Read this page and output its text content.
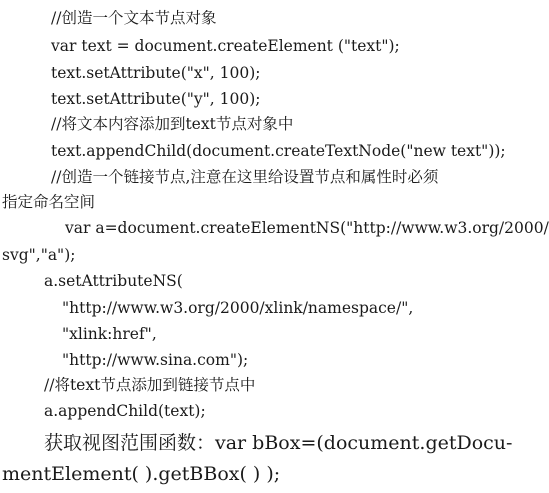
//创造一个文本节点对象
var text = document.createElement ("text");
text.setAttribute("x", 100);
text.setAttribute("y", 100);
//将文本内容添加到text节点对象中
text.appendChild(document.createTextNode("new text"));
//创造一个链接节点,注意在这里给设置节点和属性时必须
指定命名空间
var a=document.createElementNS("http://www.w3.org/2000/
svg","a");
a.setAttributeNS(
"http://www.w3.org/2000/xlink/namespace/",
"xlink:href",
"http://www.sina.com");
//将text节点添加到链接节点中
a.appendChild(text);
获取视图范围函数：var bBox=(document.getDocu-
mentElement( ).getBBox( ) );
